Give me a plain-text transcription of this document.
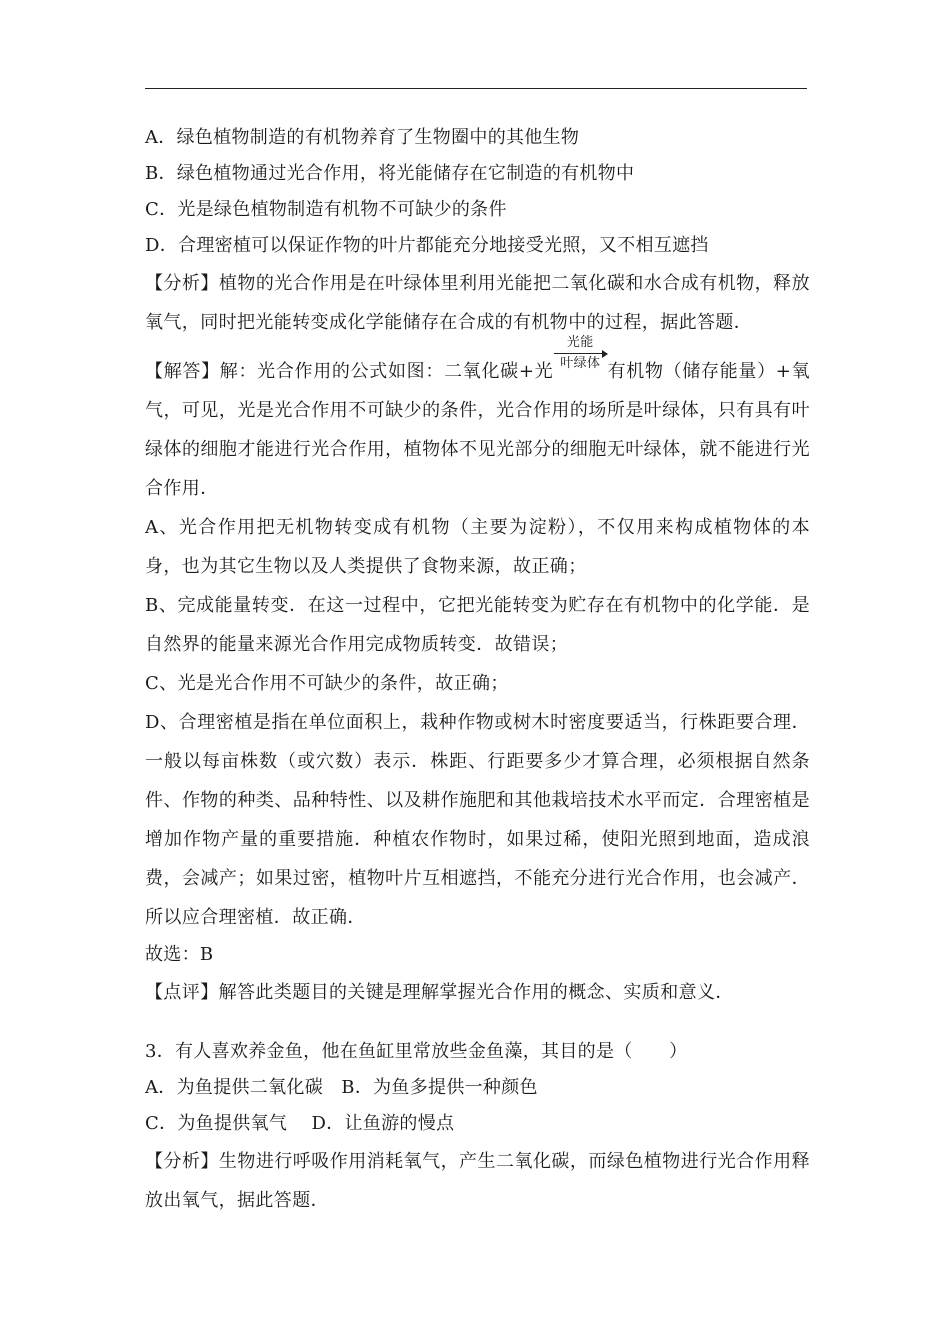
A．绿色植物制造的有机物养育了生物圈中的其他生物
B．绿色植物通过光合作用，将光能储存在它制造的有机物中
C．光是绿色植物制造有机物不可缺少的条件
D．合理密植可以保证作物的叶片都能充分地接受光照，又不相互遮挡
【分析】植物的光合作用是在叶绿体里利用光能把二氧化碳和水合成有机物，释放氧气，同时把光能转变成化学能储存在合成的有机物中的过程，据此答题．
【解答】解：光合作用的公式如图：二氧化碳+光
光能
叶绿体 有机物（储存能量）+氧气，可见，光是光合作用不可缺少的条件，光合作用的场所是叶绿体，只有具有叶绿体的细胞才能进行光合作用，植物体不见光部分的细胞无叶绿体，就不能进行光合作用．
A、光合作用把无机物转变成有机物（主要为淀粉），不仅用来构成植物体的本身，也为其它生物以及人类提供了食物来源，故正确；
B、完成能量转变．在这一过程中，它把光能转变为贮存在有机物中的化学能．是自然界的能量来源光合作用完成物质转变．故错误；
C、光是光合作用不可缺少的条件，故正确；
D、合理密植是指在单位面积上，栽种作物或树木时密度要适当，行株距要合理．一般以每亩株数（或穴数）表示．株距、行距要多少才算合理，必须根据自然条件、作物的种类、品种特性、以及耕作施肥和其他栽培技术水平而定．合理密植是增加作物产量的重要措施．种植农作物时，如果过稀，使阳光照到地面，造成浪费，会减产；如果过密，植物叶片互相遮挡，不能充分进行光合作用，也会减产．所以应合理密植．故正确．
故选：B
【点评】解答此类题目的关键是理解掌握光合作用的概念、实质和意义．
3．有人喜欢养金鱼，他在鱼缸里常放些金鱼藻，其目的是（　　）
A．为鱼提供二氧化碳　B．为鱼多提供一种颜色
C．为鱼提供氧气　 D．让鱼游的慢点
【分析】生物进行呼吸作用消耗氧气，产生二氧化碳，而绿色植物进行光合作用释放出氧气，据此答题．
